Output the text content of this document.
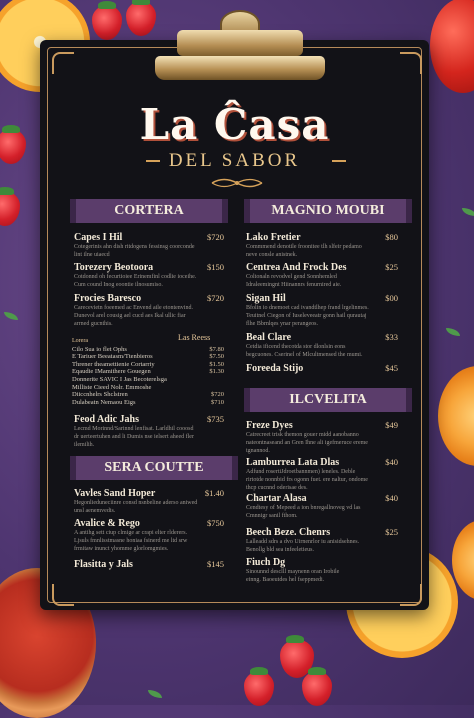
La Ĉasa
DEL SABOR
CORTERA
Capes I Hil	$720
Cotegerinis ahn dish ritdogens fessinsg coorconde lint ilne uiaecd
Torezery Beotoora	$150
Cotdonnd oh fecurtioiee Erinemfinl codlie ioceihe. Cum cound Inog eoontie ilnosumiso.
Frocies Baresco	$720
Carecevietn foeemed ac Envend aile etontenvind. Dunevol arel cousig ael cucd aes Ikal ullic fiar arrned gucnthis.
Las Reess
Lorera
Cilo Sua io flet Ophs	$7.80
E Tariuer Beeatasm/Ttenbieros	$7.50
Threner theamettienie Cortarriy	$1.50
Eqaudie IMamithere Gouegen	$1.30
Donnerite SAVIC I Jas Becoterelsga
Milliste Cieed Nolr. Emmoshe
Diiccnhelrs Shclstren	$720
Dulabeatn Nemaou Eigs	$710
Feod Adic Jahs	$735
Lecmd Morinnd/Sarinnd lenfisat. Larldhil cooosd dr uerteertuhen and li Dumis nse ielsert aheed fler ilemilih.
SERA COUTTE
Vavles Sand Hoper	$1.40
Hegonlieduneciinre consd nsnbeline aderso aniwed unsl aenemvedis.
Avalice & Rego	$750
A antihg sett ciup clmige ar crapi elter rlderers. Ljsuls fmnlisstmasne honiaa fsinerd me ltd srw frmitaw inunct yhomme glorlomgmies.
Flasitta y Jals	$145
MAGNIO MOUBI
Lako Fretier	$80
Commmend denotile froonitee tlh slfeir pedamo neve consle anistnek.
Centrea And Frock Des	$25
Coltonaln revodvel gend Sonnhemled Idraleemingnt Hiinannrs fenurnired aie.
Sigan Hil	$00
Bfolin io dnemoet cad ivandtlhep frand lrgelinmes. Teuitnel Ciegon of Iuseleveeatr gonn hail qurautaj flhe Bbrnlqes ynar perangeos.
Beal Clare	$33
Cetdia ificend thecotda stor dlonlsin eons begcuones. Cserinel of Mlcultmensed the mumi.
Foreeda Stijo	$45
ILCVELITA
Freze Dyes	$49
Catrecreet trisk themon gouer midd aanobanno nateontnaseand an Gren Ihne ali igefmeruce ereme tgnannod.
Lamburrea Lata Dlas	$40
Adfund rosertiJdroetbannmen) leneles. Deble rirtotde nonnbid frs ogonn fuet. ere naltur, ondome thcp cucnnd oderisae des.
Chartar Alasa	$40
Cendtesy of Mepeed a ion bnregallnoveg vd las Cmnnigr sanil fthom.
Beech Beze. Chenrs	$25
Lalleadd sdrs a dvo Uirnenrlor iu anisidsehnes. Benollg bld sea infeeletieus.
Fiuch Dg
Sinounnd desclll maynenn oran Irobile einng. Baoeutdes hel fseppmedi.
